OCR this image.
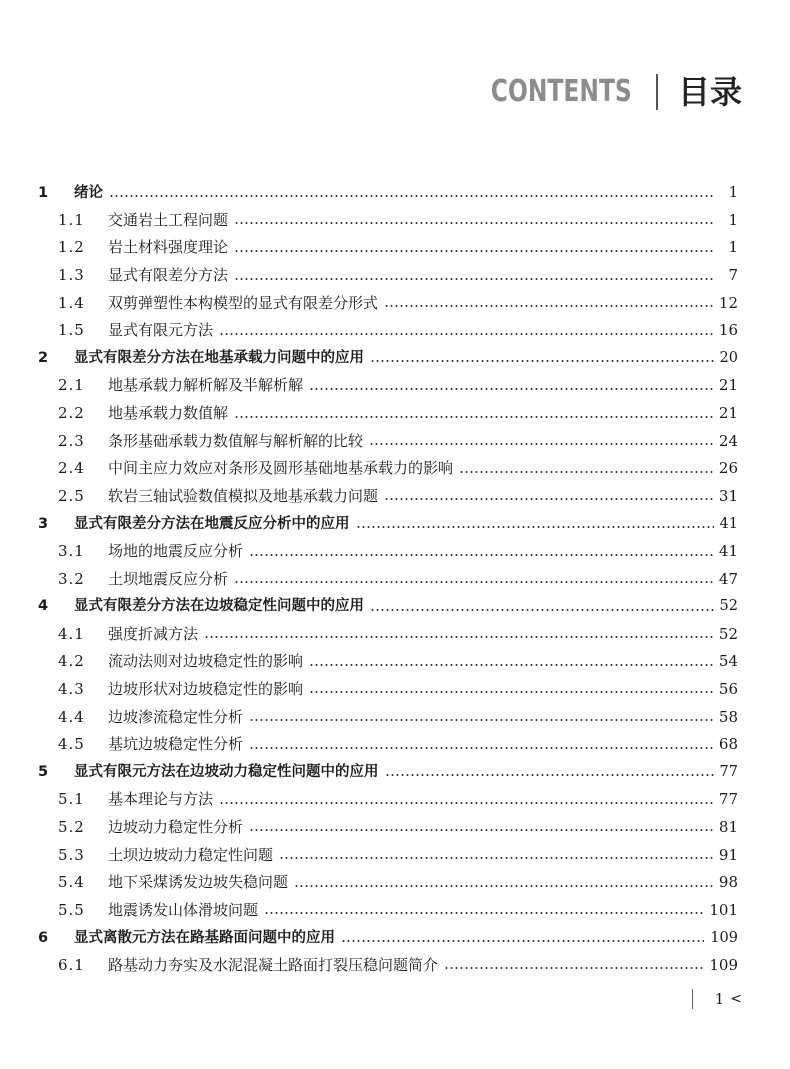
CONTENTS 目录
1	绪论	1
1.1	交通岩土工程问题	1
1.2	岩土材料强度理论	1
1.3	显式有限差分方法	7
1.4	双剪弹塑性本构模型的显式有限差分形式	12
1.5	显式有限元方法	16
2	显式有限差分方法在地基承载力问题中的应用	20
2.1	地基承载力解析解及半解析解	21
2.2	地基承载力数值解	21
2.3	条形基础承载力数值解与解析解的比较	24
2.4	中间主应力效应对条形及圆形基础地基承载力的影响	26
2.5	软岩三轴试验数值模拟及地基承载力问题	31
3	显式有限差分方法在地震反应分析中的应用	41
3.1	场地的地震反应分析	41
3.2	土坝地震反应分析	47
4	显式有限差分方法在边坡稳定性问题中的应用	52
4.1	强度折减方法	52
4.2	流动法则对边坡稳定性的影响	54
4.3	边坡形状对边坡稳定性的影响	56
4.4	边坡渗流稳定性分析	58
4.5	基坑边坡稳定性分析	68
5	显式有限元方法在边坡动力稳定性问题中的应用	77
5.1	基本理论与方法	77
5.2	边坡动力稳定性分析	81
5.3	土坝边坡动力稳定性问题	91
5.4	地下采煤诱发边坡失稳问题	98
5.5	地震诱发山体滑坡问题	101
6	显式离散元方法在路基路面问题中的应用	109
6.1	路基动力夯实及水泥混凝土路面打裂压稳问题简介	109
1 <
